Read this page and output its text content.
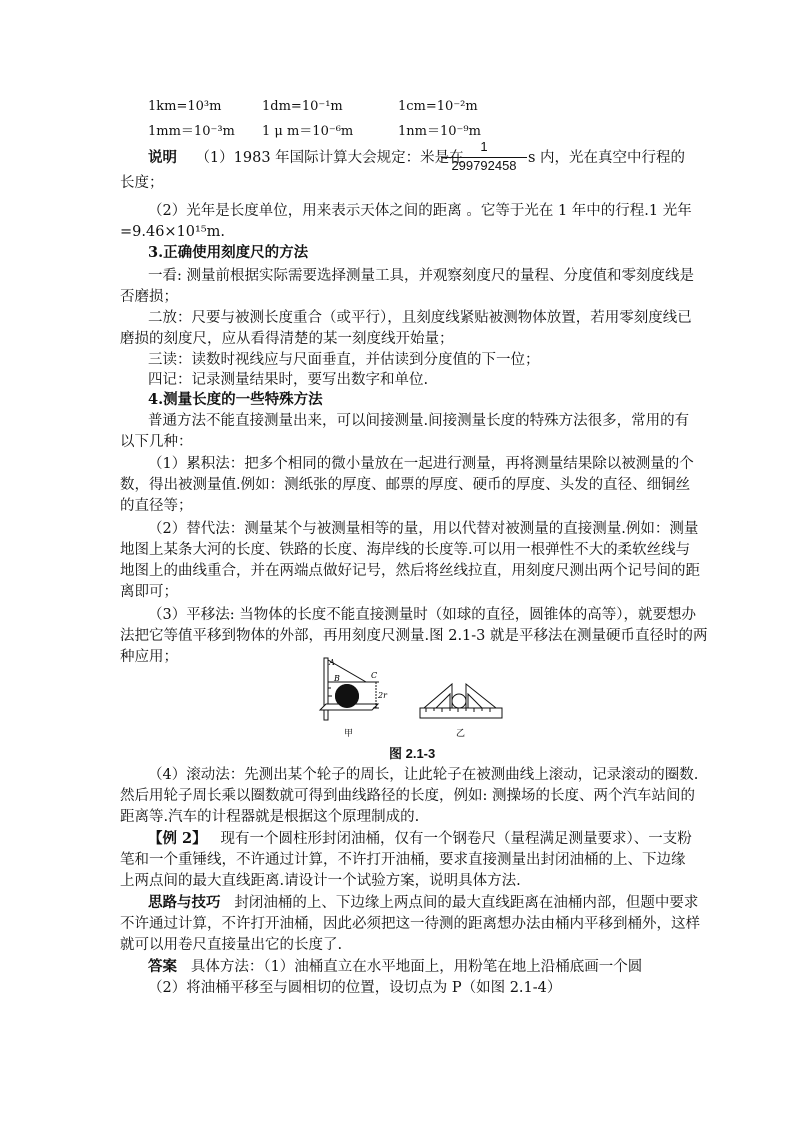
1km=10³m	1dm=10⁻¹m	1cm=10⁻²m
1mm＝10⁻³m 1 μ m＝10⁻⁶m	1nm＝10⁻⁹m
说明 （1）1983 年国际计算大会规定：米是在
1
299792458 s 内，光在真空中行程的
长度；
（2）光年是长度单位，用来表示天体之间的距离 。它等于光在 1 年中的行程.1 光年
=9.46×10¹⁵m.
3.正确使用刻度尺的方法
一看: 测量前根据实际需要选择测量工具，并观察刻度尺的量程、分度值和零刻度线是
否磨损；
二放：尺要与被测长度重合（或平行），且刻度线紧贴被测物体放置，若用零刻度线已
磨损的刻度尺，应从看得清楚的某一刻度线开始量；
三读：读数时视线应与尺面垂直，并估读到分度值的下一位；
四记：记录测量结果时，要写出数字和单位.
4.测量长度的一些特殊方法
普通方法不能直接测量出来，可以间接测量.间接测量长度的特殊方法很多，常用的有
以下几种：
（1）累积法：把多个相同的微小量放在一起进行测量，再将测量结果除以被测量的个
数，得出被测量值.例如：测纸张的厚度、邮票的厚度、硬币的厚度、头发的直径、细铜丝
的直径等；
（2）替代法：测量某个与被测量相等的量，用以代替对被测量的直接测量.例如：测量
地图上某条大河的长度、铁路的长度、海岸线的长度等.可以用一根弹性不大的柔软丝线与
地图上的曲线重合，并在两端点做好记号，然后将丝线拉直，用刻度尺测出两个记号间的距
离即可；
（3）平移法: 当物体的长度不能直接测量时（如球的直径，圆锥体的高等），就要想办
法把它等值平移到物体的外部，再用刻度尺测量.图 2.1-3 就是平移法在测量硬币直径时的两
种应用；	A
B	C
2r
甲	乙
图 2.1-3
（4）滚动法：先测出某个轮子的周长，让此轮子在被测曲线上滚动，记录滚动的圈数.
然后用轮子周长乘以圈数就可得到曲线路径的长度，例如: 测操场的长度、两个汽车站间的
距离等.汽车的计程器就是根据这个原理制成的.
【例 2】 现有一个圆柱形封闭油桶，仅有一个钢卷尺（量程满足测量要求）、一支粉
笔和一个重锤线，不许通过计算，不许打开油桶，要求直接测量出封闭油桶的上、下边缘
上两点间的最大直线距离.请设计一个试验方案，说明具体方法.
思路与技巧 封闭油桶的上、下边缘上两点间的最大直线距离在油桶内部，但题中要求
不许通过计算，不许打开油桶，因此必须把这一待测的距离想办法由桶内平移到桶外，这样
就可以用卷尺直接量出它的长度了.
答案 具体方法：（1）油桶直立在水平地面上，用粉笔在地上沿桶底画一个圆
（2）将油桶平移至与圆相切的位置，设切点为 P（如图 2.1-4）
